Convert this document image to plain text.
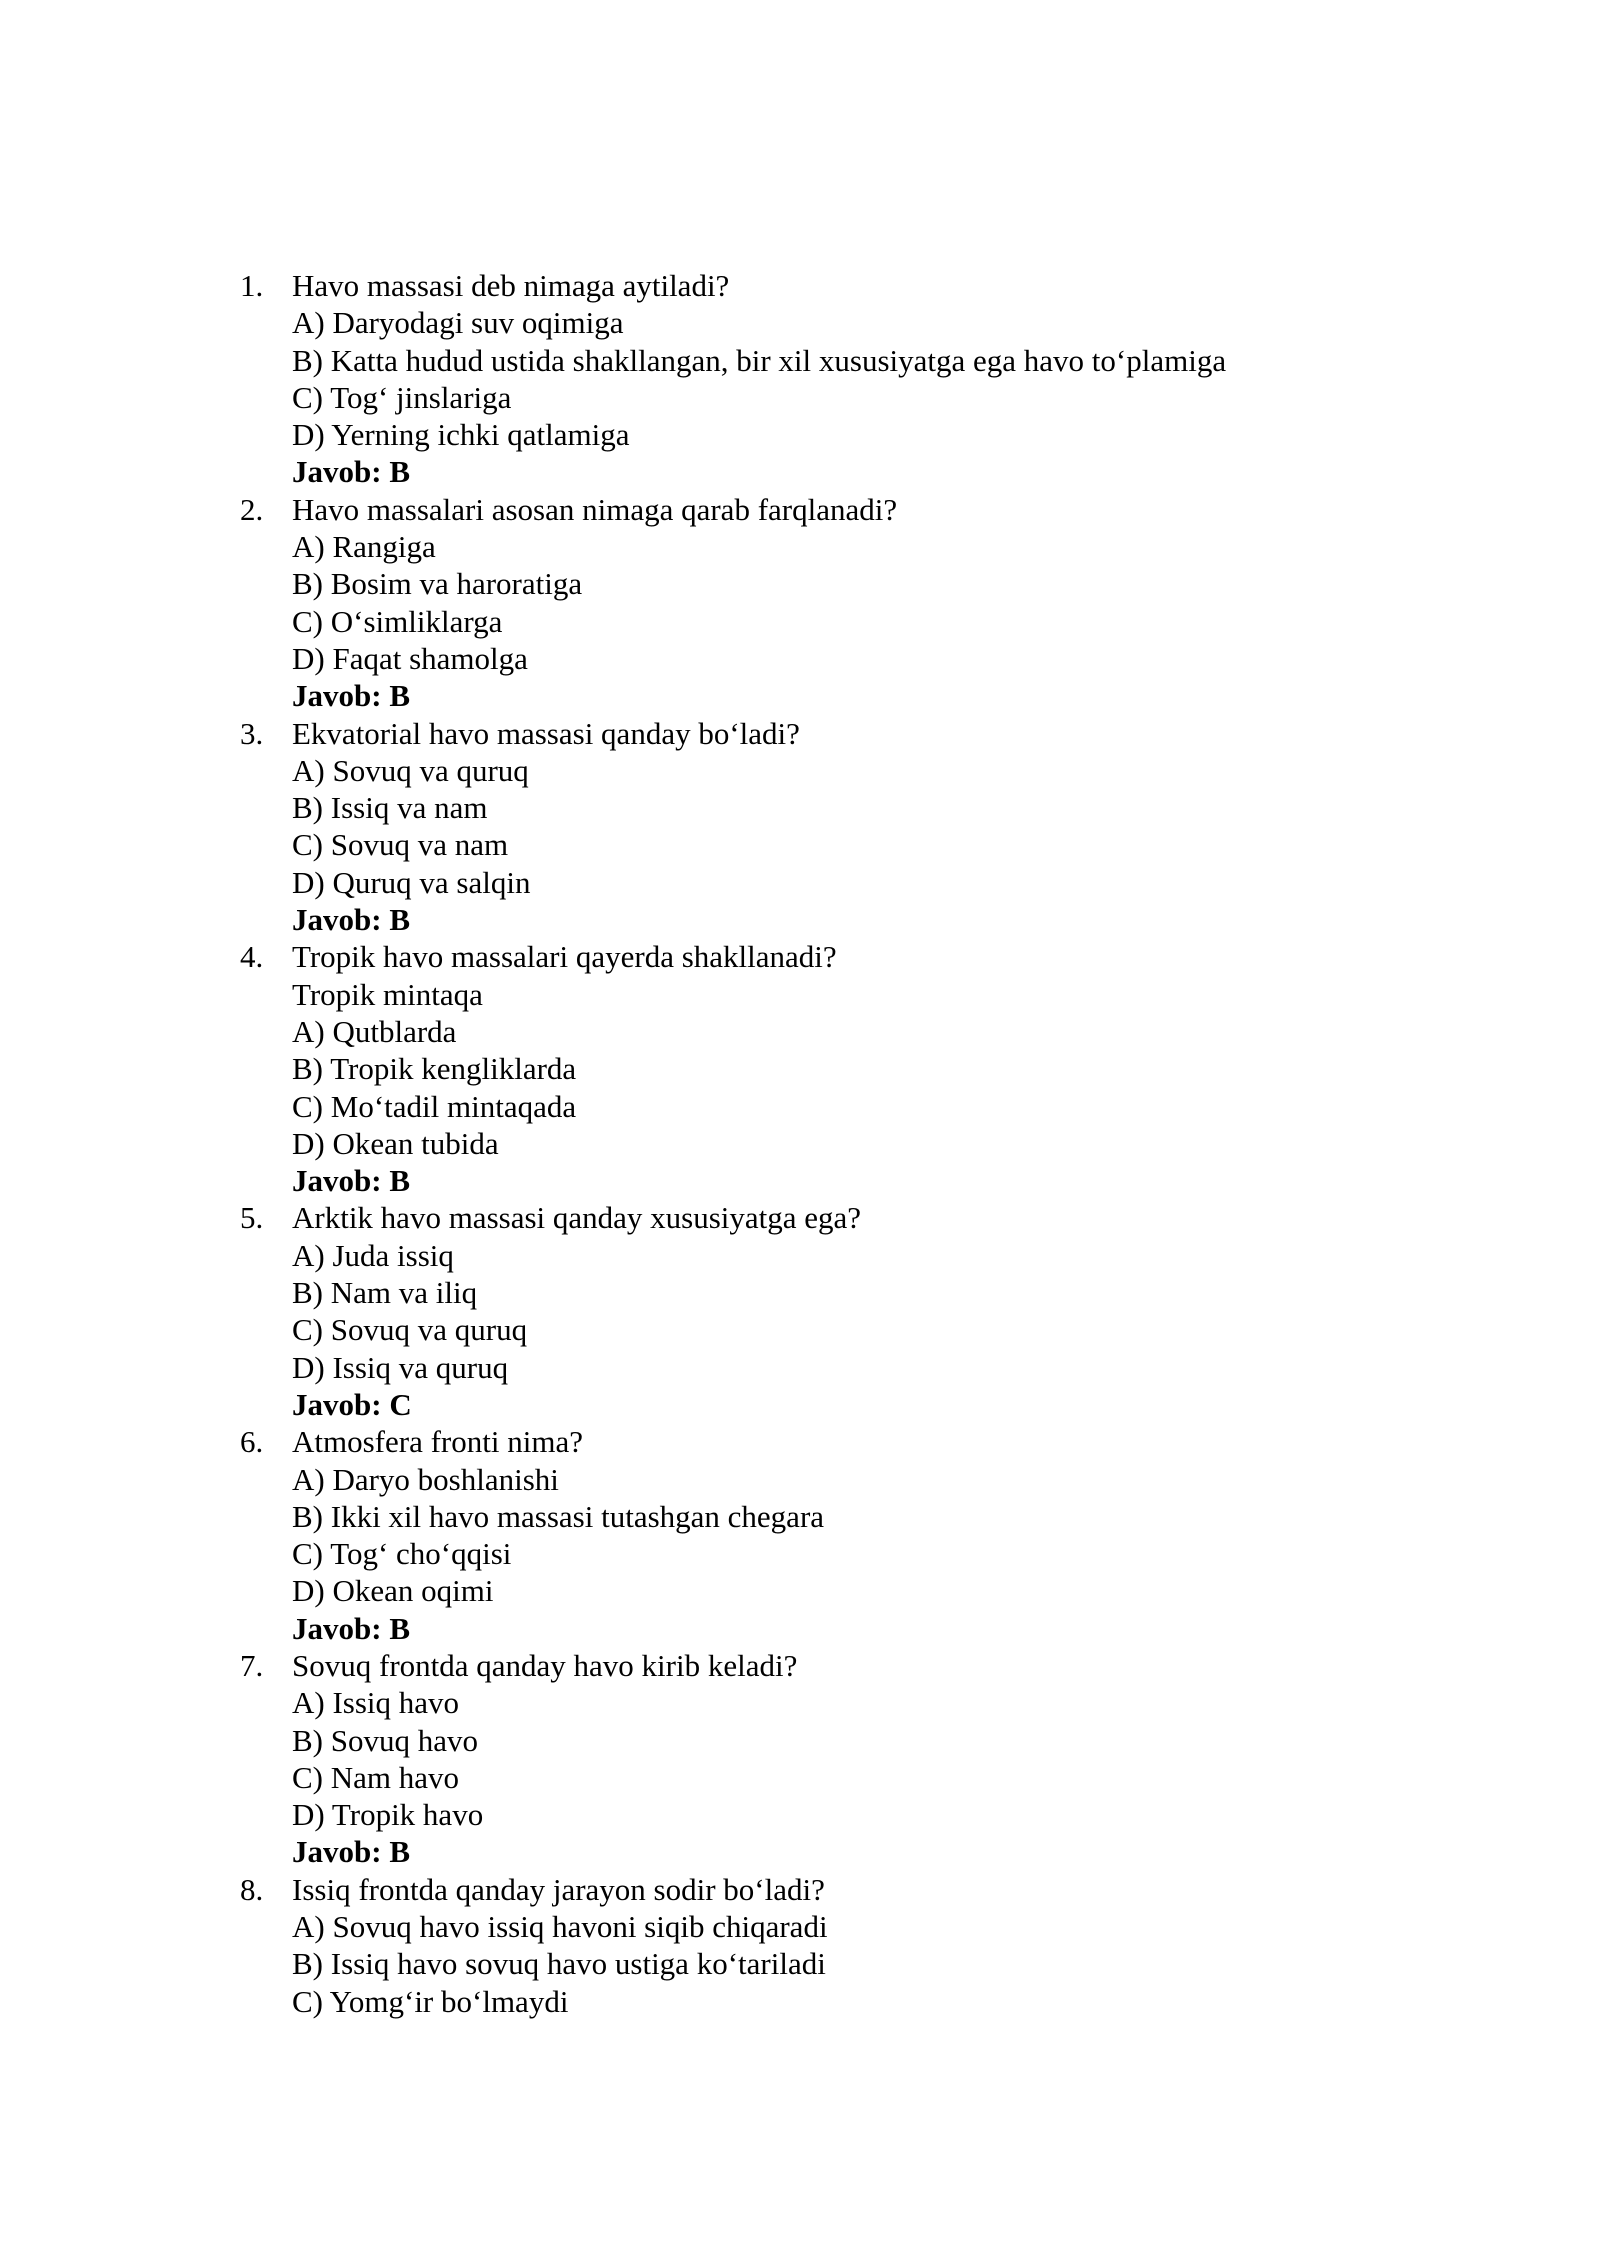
1. Havo massasi deb nimaga aytiladi?
A) Daryodagi suv oqimiga
B) Katta hudud ustida shakllangan, bir xil xususiyatga ega havo to‘plamiga
C) Tog‘ jinslariga
D) Yerning ichki qatlamiga
Javob: B
2. Havo massalari asosan nimaga qarab farqlanadi?
A) Rangiga
B) Bosim va haroratiga
C) O‘simliklarga
D) Faqat shamolga
Javob: B
3. Ekvatorial havo massasi qanday bo‘ladi?
A) Sovuq va quruq
B) Issiq va nam
C) Sovuq va nam
D) Quruq va salqin
Javob: B
4. Tropik havo massalari qayerda shakllanadi?
Tropik mintaqa
A) Qutblarda
B) Tropik kengliklarda
C) Mo‘tadil mintaqada
D) Okean tubida
Javob: B
5. Arktik havo massasi qanday xususiyatga ega?
A) Juda issiq
B) Nam va iliq
C) Sovuq va quruq
D) Issiq va quruq
Javob: C
6. Atmosfera fronti nima?
A) Daryo boshlanishi
B) Ikki xil havo massasi tutashgan chegara
C) Tog‘ cho‘qqisi
D) Okean oqimi
Javob: B
7. Sovuq frontda qanday havo kirib keladi?
A) Issiq havo
B) Sovuq havo
C) Nam havo
D) Tropik havo
Javob: B
8. Issiq frontda qanday jarayon sodir bo‘ladi?
A) Sovuq havo issiq havoni siqib chiqaradi
B) Issiq havo sovuq havo ustiga ko‘tariladi
C) Yomg‘ir bo‘lmaydi
